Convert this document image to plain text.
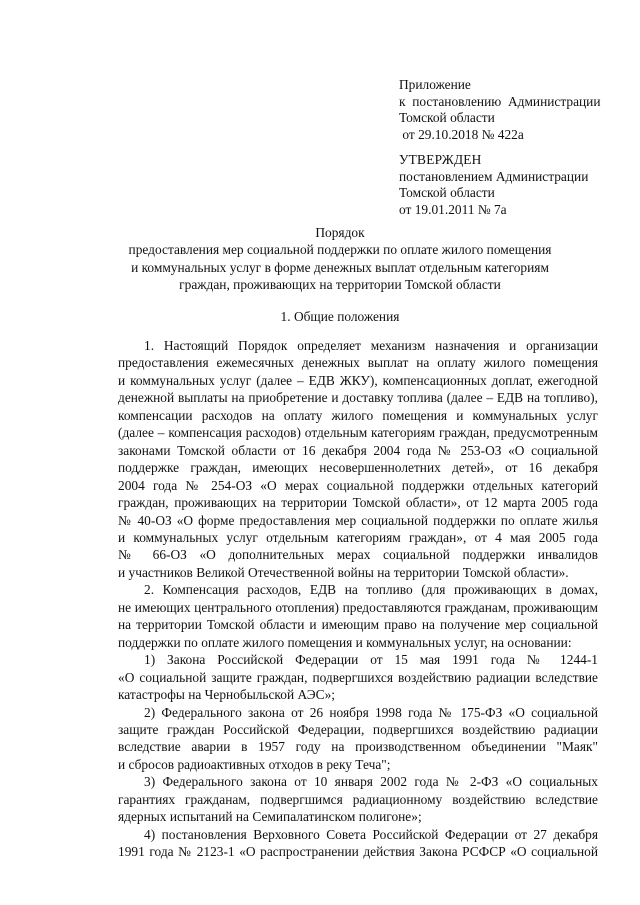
Приложение
к  постановлению  Администрации
Томской области
от 29.10.2018 № 422а
УТВЕРЖДЕН
постановлением Администрации
Томской области
от 19.01.2011 № 7а
Порядок
предоставления мер социальной поддержки по оплате жилого помещения
и коммунальных услуг в форме денежных выплат отдельным категориям
граждан, проживающих на территории Томской области
1. Общие положения
1. Настоящий Порядок определяет механизм назначения и организации
предоставления ежемесячных денежных выплат на оплату жилого помещения
и коммунальных услуг (далее – ЕДВ ЖКУ), компенсационных доплат, ежегодной
денежной выплаты на приобретение и доставку топлива (далее – ЕДВ на топливо),
компенсации расходов на оплату жилого помещения и коммунальных услуг
(далее – компенсация расходов) отдельным категориям граждан, предусмотренным
законами Томской области от 16 декабря 2004 года № 253-ОЗ «О социальной
поддержке граждан, имеющих несовершеннолетних детей», от 16 декабря
2004 года № 254-ОЗ «О мерах социальной поддержки отдельных категорий
граждан, проживающих на территории Томской области», от 12 марта 2005 года
№ 40-ОЗ «О форме предоставления мер социальной поддержки по оплате жилья
и коммунальных услуг отдельным категориям граждан», от 4 мая 2005 года
№ 66-ОЗ «О дополнительных мерах социальной поддержки инвалидов
и участников Великой Отечественной войны на территории Томской области».
2. Компенсация расходов, ЕДВ на топливо (для проживающих в домах,
не имеющих центрального отопления) предоставляются гражданам, проживающим
на территории Томской области и имеющим право на получение мер социальной
поддержки по оплате жилого помещения и коммунальных услуг, на основании:
1) Закона Российской Федерации от 15 мая 1991 года № 1244-1
«О социальной защите граждан, подвергшихся воздействию радиации вследствие
катастрофы на Чернобыльской АЭС»;
2) Федерального закона от 26 ноября 1998 года № 175-ФЗ «О социальной
защите граждан Российской Федерации, подвергшихся воздействию радиации
вследствие аварии в 1957 году на производственном объединении "Маяк"
и сбросов радиоактивных отходов в реку Теча";
3) Федерального закона от 10 января 2002 года № 2-ФЗ «О социальных
гарантиях гражданам, подвергшимся радиационному воздействию вследствие
ядерных испытаний на Семипалатинском полигоне»;
4) постановления Верховного Совета Российской Федерации от 27 декабря
1991 года № 2123-1 «О распространении действия Закона РСФСР «О социальной
